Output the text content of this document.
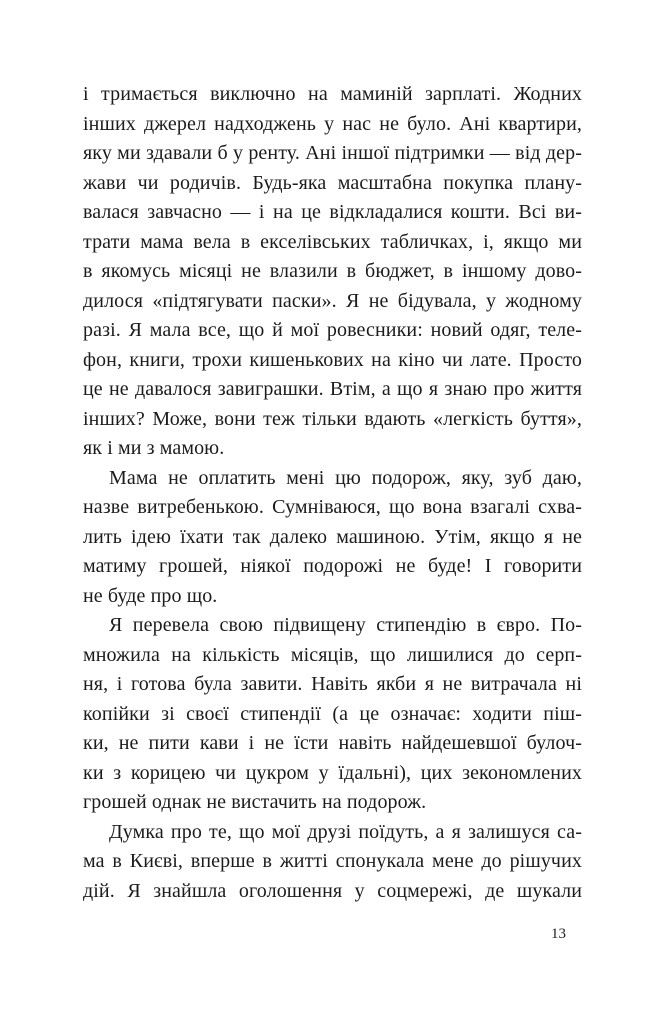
і тримається виключно на маминій зарплаті. Жодних
інших джерел надходжень у нас не було. Ані квартири,
яку ми здавали б у ренту. Ані іншої підтримки — від дер-
жави чи родичів. Будь-яка масштабна покупка плану-
валася завчасно — і на це відкладалися кошти. Всі ви-
трати мама вела в екселівських табличках, і, якщо ми
в якомусь місяці не влазили в бюджет, в іншому дово-
дилося «підтягувати паски». Я не бідувала, у жодному
разі. Я мала все, що й мої ровесники: новий одяг, теле-
фон, книги, трохи кишенькових на кіно чи лате. Просто
це не давалося завиграшки. Втім, а що я знаю про життя
інших? Може, вони теж тільки вдають «легкість буття»,
як і ми з мамою.
Мама не оплатить мені цю подорож, яку, зуб даю,
назве витребенькою. Сумніваюся, що вона взагалі схва-
лить ідею їхати так далеко машиною. Утім, якщо я не
матиму грошей, ніякої подорожі не буде! І говорити
не буде про що.
Я перевела свою підвищену стипендію в євро. По-
множила на кількість місяців, що лишилися до серп-
ня, і готова була завити. Навіть якби я не витрачала ні
копійки зі своєї стипендії (а це означає: ходити піш-
ки, не пити кави і не їсти навіть найдешевшої булоч-
ки з корицею чи цукром у їдальні), цих зекономлених
грошей однак не вистачить на подорож.
Думка про те, що мої друзі поїдуть, а я залишуся са-
ма в Києві, вперше в житті спонукала мене до рішучих
дій. Я знайшла оголошення у соцмережі, де шукали
13
